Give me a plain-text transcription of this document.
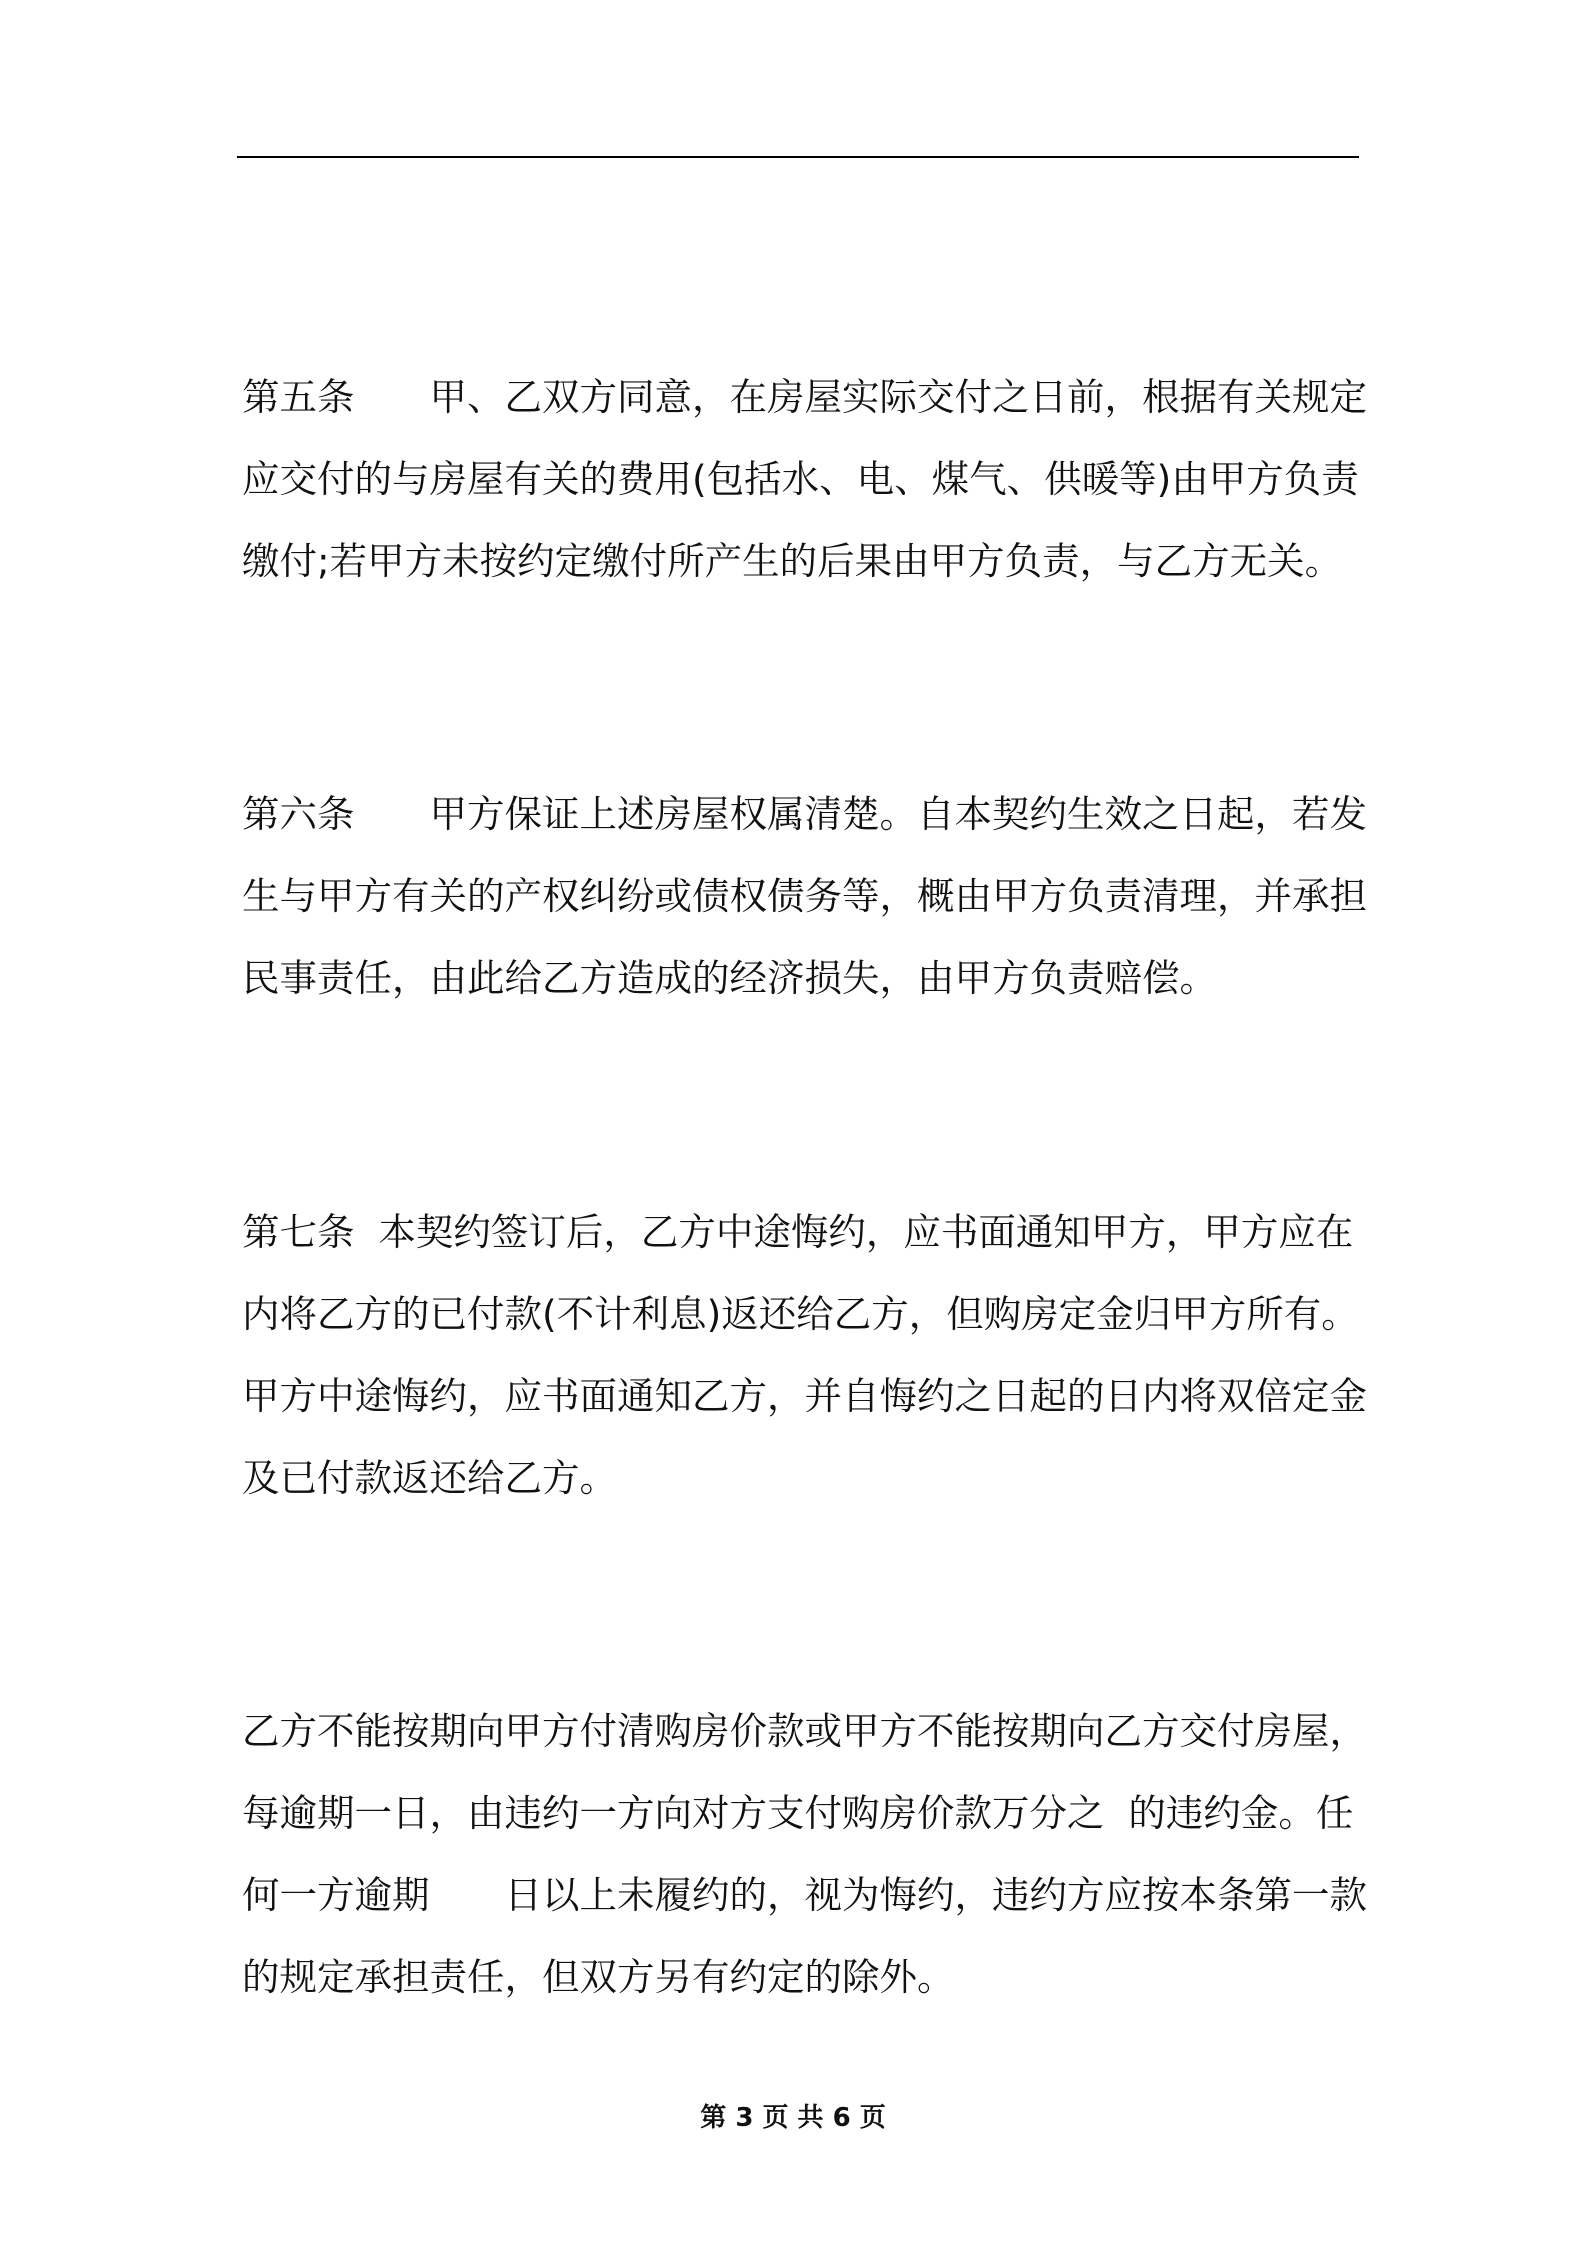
第五条　　甲、乙双方同意，在房屋实际交付之日前，根据有关规定
应交付的与房屋有关的费用(包括水、电、煤气、供暖等)由甲方负责
缴付;若甲方未按约定缴付所产生的后果由甲方负责，与乙方无关。
第六条　　甲方保证上述房屋权属清楚。自本契约生效之日起，若发
生与甲方有关的产权纠纷或债权债务等，概由甲方负责清理，并承担
民事责任，由此给乙方造成的经济损失，由甲方负责赔偿。
第七条  本契约签订后，乙方中途悔约，应书面通知甲方，甲方应在
内将乙方的已付款(不计利息)返还给乙方，但购房定金归甲方所有。
甲方中途悔约，应书面通知乙方，并自悔约之日起的日内将双倍定金
及已付款返还给乙方。
乙方不能按期向甲方付清购房价款或甲方不能按期向乙方交付房屋，
每逾期一日，由违约一方向对方支付购房价款万分之  的违约金。任
何一方逾期　　日以上未履约的，视为悔约，违约方应按本条第一款
的规定承担责任，但双方另有约定的除外。
第 3 页 共 6 页
